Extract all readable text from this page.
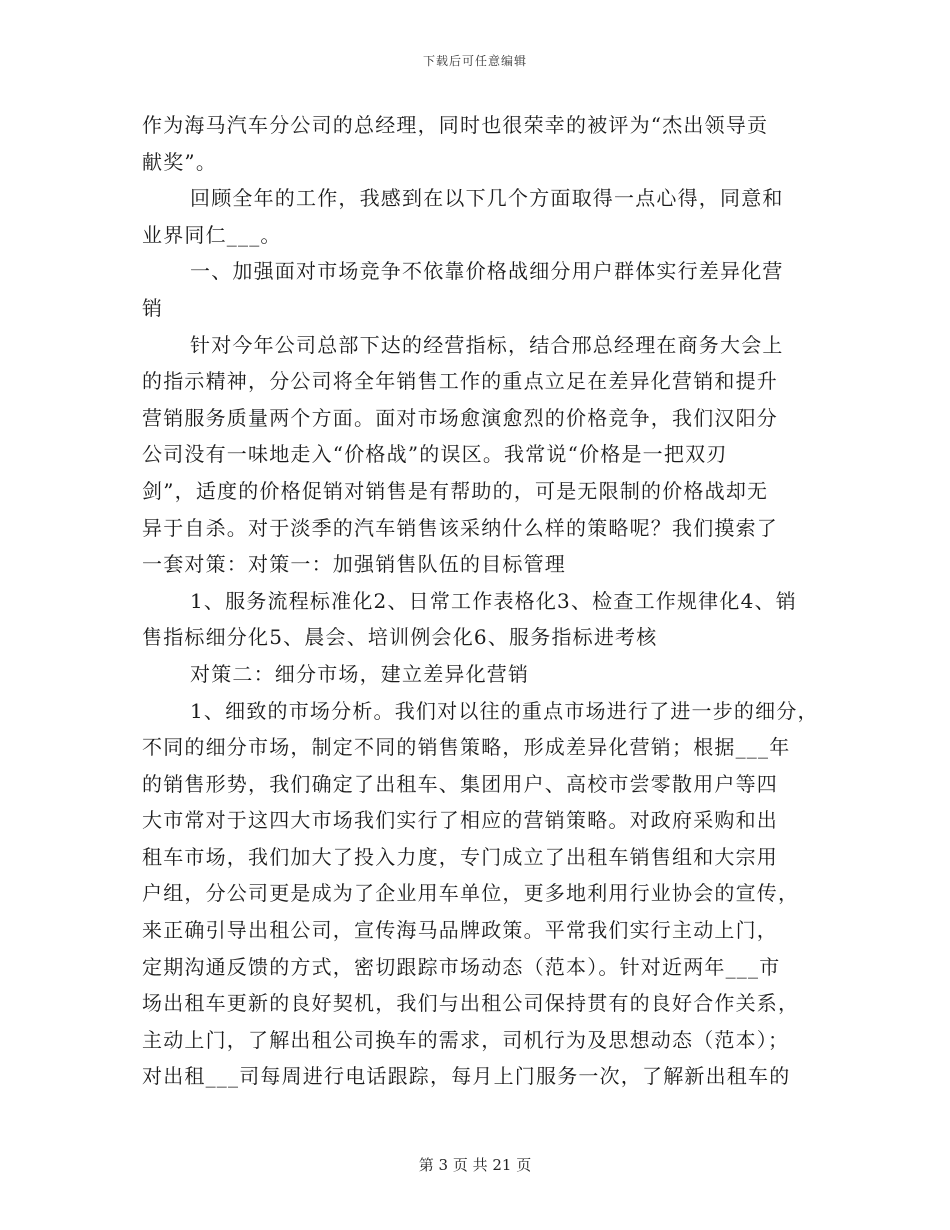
下载后可任意编辑
作为海马汽车分公司的总经理，同时也很荣幸的被评为“杰出领导贡
献奖”。
回顾全年的工作，我感到在以下几个方面取得一点心得，同意和
业界同仁___。
一、加强面对市场竞争不依靠价格战细分用户群体实行差异化营
销
针对今年公司总部下达的经营指标，结合邢总经理在商务大会上
的指示精神，分公司将全年销售工作的重点立足在差异化营销和提升
营销服务质量两个方面。面对市场愈演愈烈的价格竞争，我们汉阳分
公司没有一味地走入“价格战”的误区。我常说“价格是一把双刃
剑”，适度的价格促销对销售是有帮助的，可是无限制的价格战却无
异于自杀。对于淡季的汽车销售该采纳什么样的策略呢？我们摸索了
一套对策：对策一：加强销售队伍的目标管理
1、服务流程标准化2、日常工作表格化3、检查工作规律化4、销
售指标细分化5、晨会、培训例会化6、服务指标进考核
对策二：细分市场，建立差异化营销
1、细致的市场分析。我们对以往的重点市场进行了进一步的细分，
不同的细分市场，制定不同的销售策略，形成差异化营销；根据___年
的销售形势，我们确定了出租车、集团用户、高校市尝零散用户等四
大市常对于这四大市场我们实行了相应的营销策略。对政府采购和出
租车市场，我们加大了投入力度，专门成立了出租车销售组和大宗用
户组，分公司更是成为了企业用车单位，更多地利用行业协会的宣传，
来正确引导出租公司，宣传海马品牌政策。平常我们实行主动上门，
定期沟通反馈的方式，密切跟踪市场动态（范本）。针对近两年___市
场出租车更新的良好契机，我们与出租公司保持贯有的良好合作关系，
主动上门，了解出租公司换车的需求，司机行为及思想动态（范本）；
对出租___司每周进行电话跟踪，每月上门服务一次，了解新出租车的
第 3 页 共 21 页
